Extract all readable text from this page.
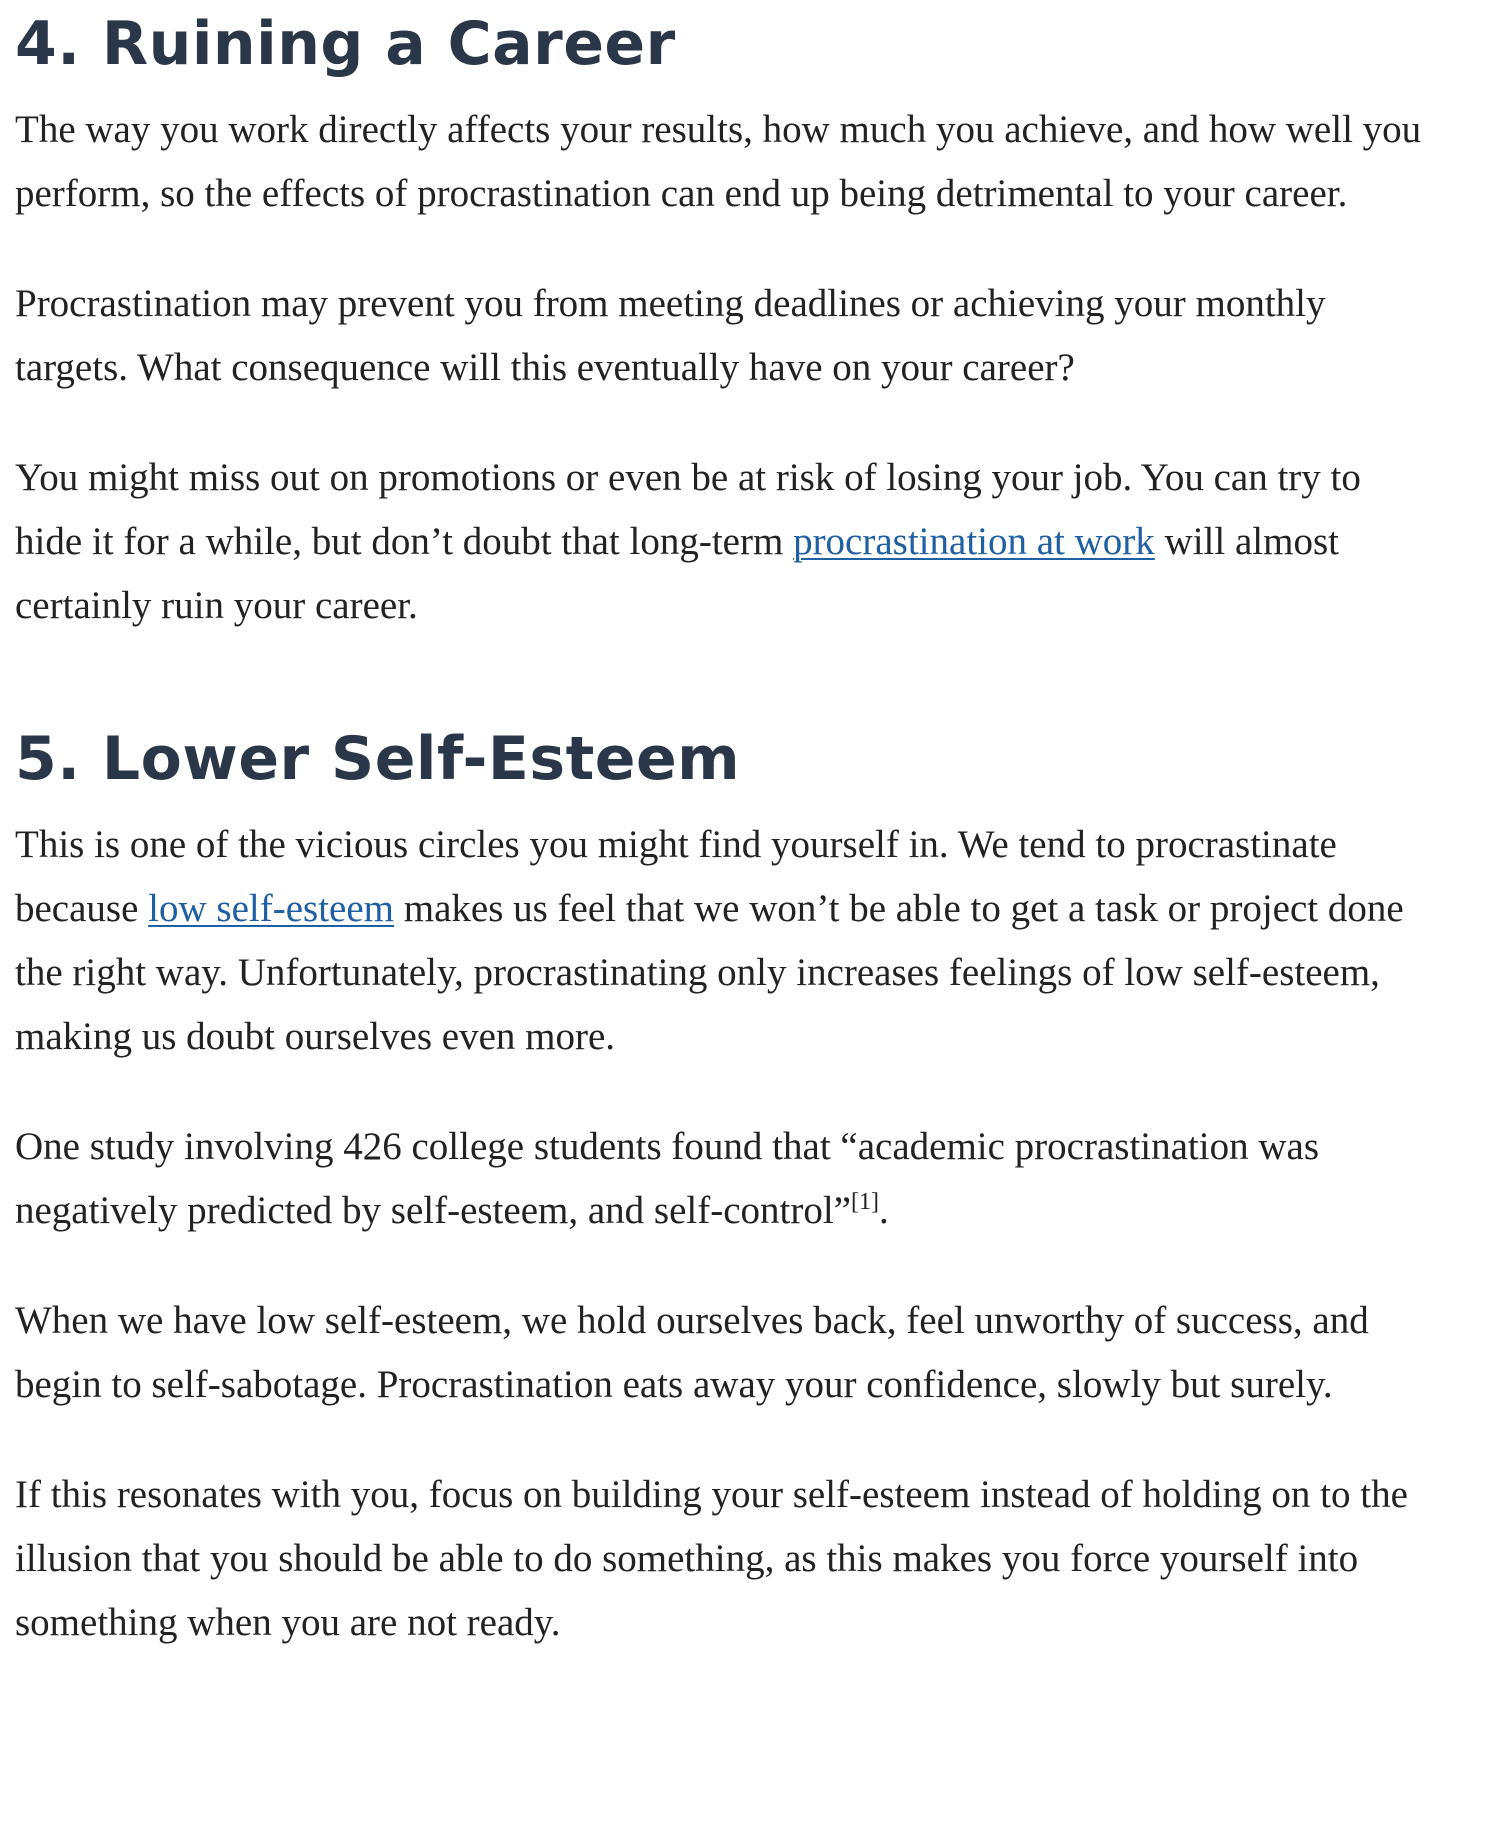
4. Ruining a Career

The way you work directly affects your results, how much you achieve, and how well you perform, so the effects of procrastination can end up being detrimental to your career.

Procrastination may prevent you from meeting deadlines or achieving your monthly targets. What consequence will this eventually have on your career?

You might miss out on promotions or even be at risk of losing your job. You can try to hide it for a while, but don’t doubt that long-term procrastination at work will almost certainly ruin your career.

5. Lower Self-Esteem

This is one of the vicious circles you might find yourself in. We tend to procrastinate because low self-esteem makes us feel that we won’t be able to get a task or project done the right way. Unfortunately, procrastinating only increases feelings of low self-esteem, making us doubt ourselves even more.

One study involving 426 college students found that “academic procrastination was negatively predicted by self-esteem, and self-control”[1].

When we have low self-esteem, we hold ourselves back, feel unworthy of success, and begin to self-sabotage. Procrastination eats away your confidence, slowly but surely.

If this resonates with you, focus on building your self-esteem instead of holding on to the illusion that you should be able to do something, as this makes you force yourself into something when you are not ready.
